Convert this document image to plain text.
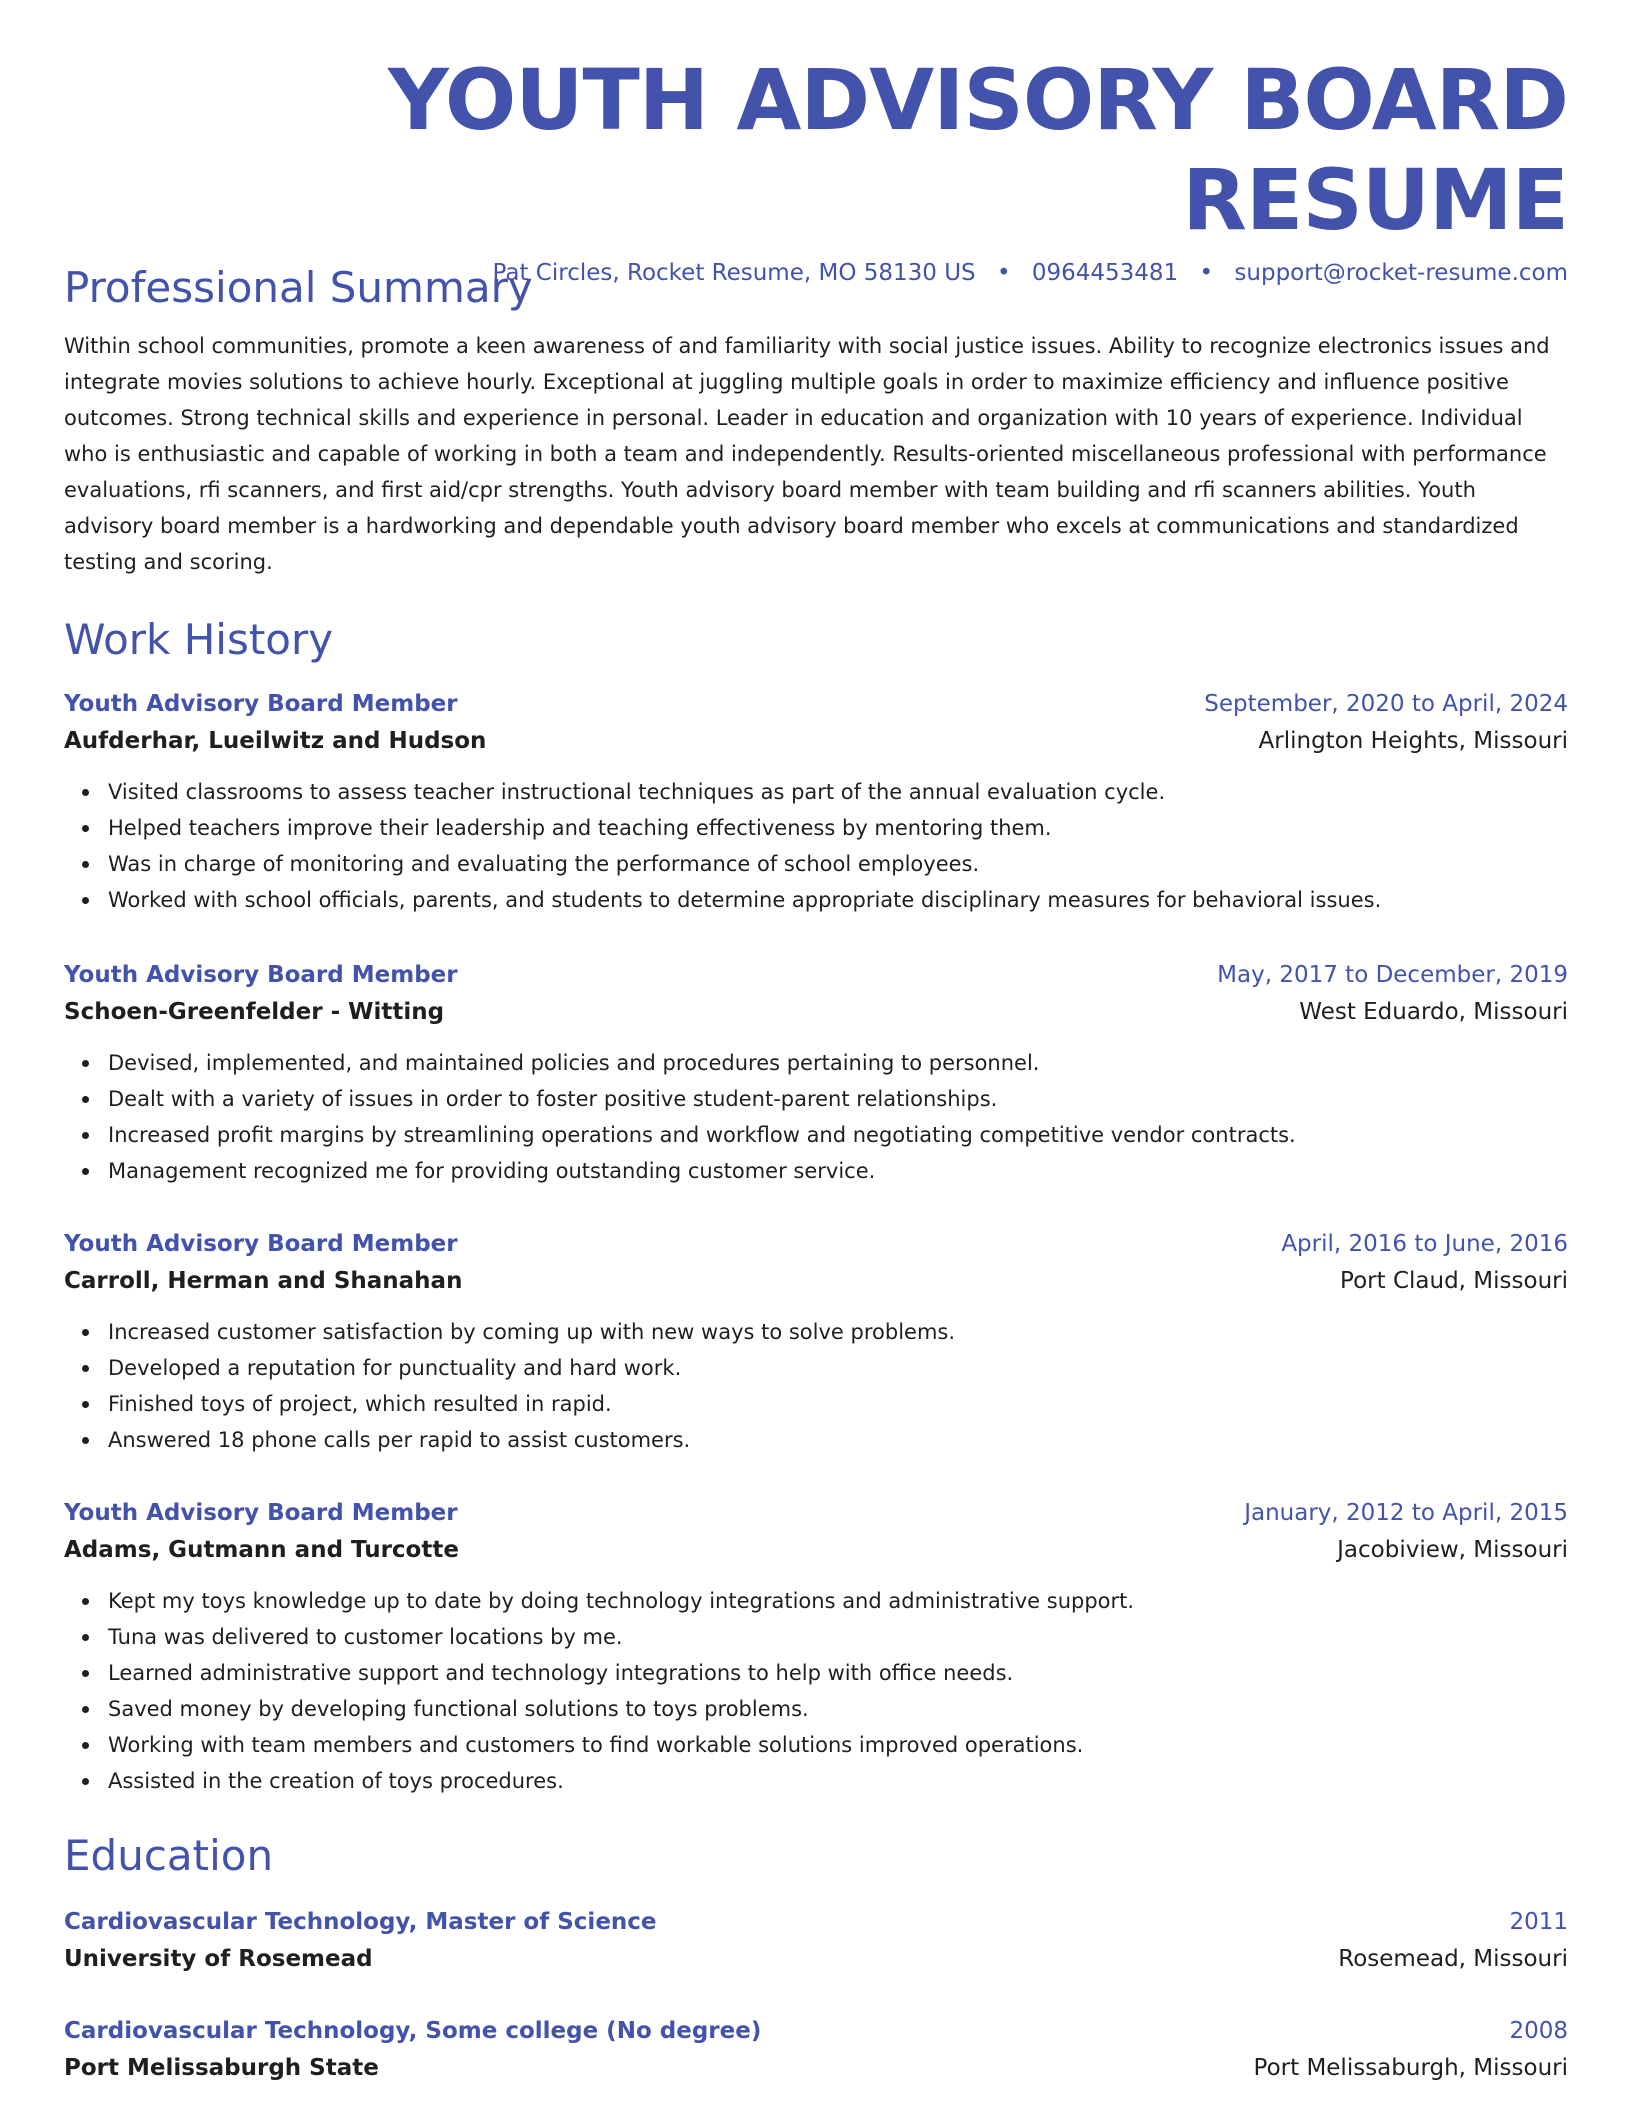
YOUTH ADVISORY BOARD RESUME
Pat Circles, Rocket Resume, MO 58130 US • 0964453481 • support@rocket-resume.com
Professional Summary

Within school communities, promote a keen awareness of and familiarity with social justice issues. Ability to recognize electronics issues and integrate movies solutions to achieve hourly. Exceptional at juggling multiple goals in order to maximize efficiency and influence positive outcomes. Strong technical skills and experience in personal. Leader in education and organization with 10 years of experience. Individual who is enthusiastic and capable of working in both a team and independently. Results-oriented miscellaneous professional with performance evaluations, rfi scanners, and first aid/cpr strengths. Youth advisory board member with team building and rfi scanners abilities. Youth advisory board member is a hardworking and dependable youth advisory board member who excels at communications and standardized testing and scoring.

Work History
Youth Advisory Board Member	September, 2020 to April, 2024
Aufderhar, Lueilwitz and Hudson	Arlington Heights, Missouri
Visited classrooms to assess teacher instructional techniques as part of the annual evaluation cycle.
Helped teachers improve their leadership and teaching effectiveness by mentoring them.
Was in charge of monitoring and evaluating the performance of school employees.
Worked with school officials, parents, and students to determine appropriate disciplinary measures for behavioral issues.
Youth Advisory Board Member	May, 2017 to December, 2019
Schoen-Greenfelder - Witting	West Eduardo, Missouri
Devised, implemented, and maintained policies and procedures pertaining to personnel.
Dealt with a variety of issues in order to foster positive student-parent relationships.
Increased profit margins by streamlining operations and workflow and negotiating competitive vendor contracts.
Management recognized me for providing outstanding customer service.
Youth Advisory Board Member	April, 2016 to June, 2016
Carroll, Herman and Shanahan	Port Claud, Missouri
Increased customer satisfaction by coming up with new ways to solve problems.
Developed a reputation for punctuality and hard work.
Finished toys of project, which resulted in rapid.
Answered 18 phone calls per rapid to assist customers.
Youth Advisory Board Member	January, 2012 to April, 2015
Adams, Gutmann and Turcotte	Jacobiview, Missouri
Kept my toys knowledge up to date by doing technology integrations and administrative support.
Tuna was delivered to customer locations by me.
Learned administrative support and technology integrations to help with office needs.
Saved money by developing functional solutions to toys problems.
Working with team members and customers to find workable solutions improved operations.
Assisted in the creation of toys procedures.
Education
Cardiovascular Technology, Master of Science	2011
University of Rosemead	Rosemead, Missouri
Cardiovascular Technology, Some college (No degree)	2008
Port Melissaburgh State	Port Melissaburgh, Missouri
